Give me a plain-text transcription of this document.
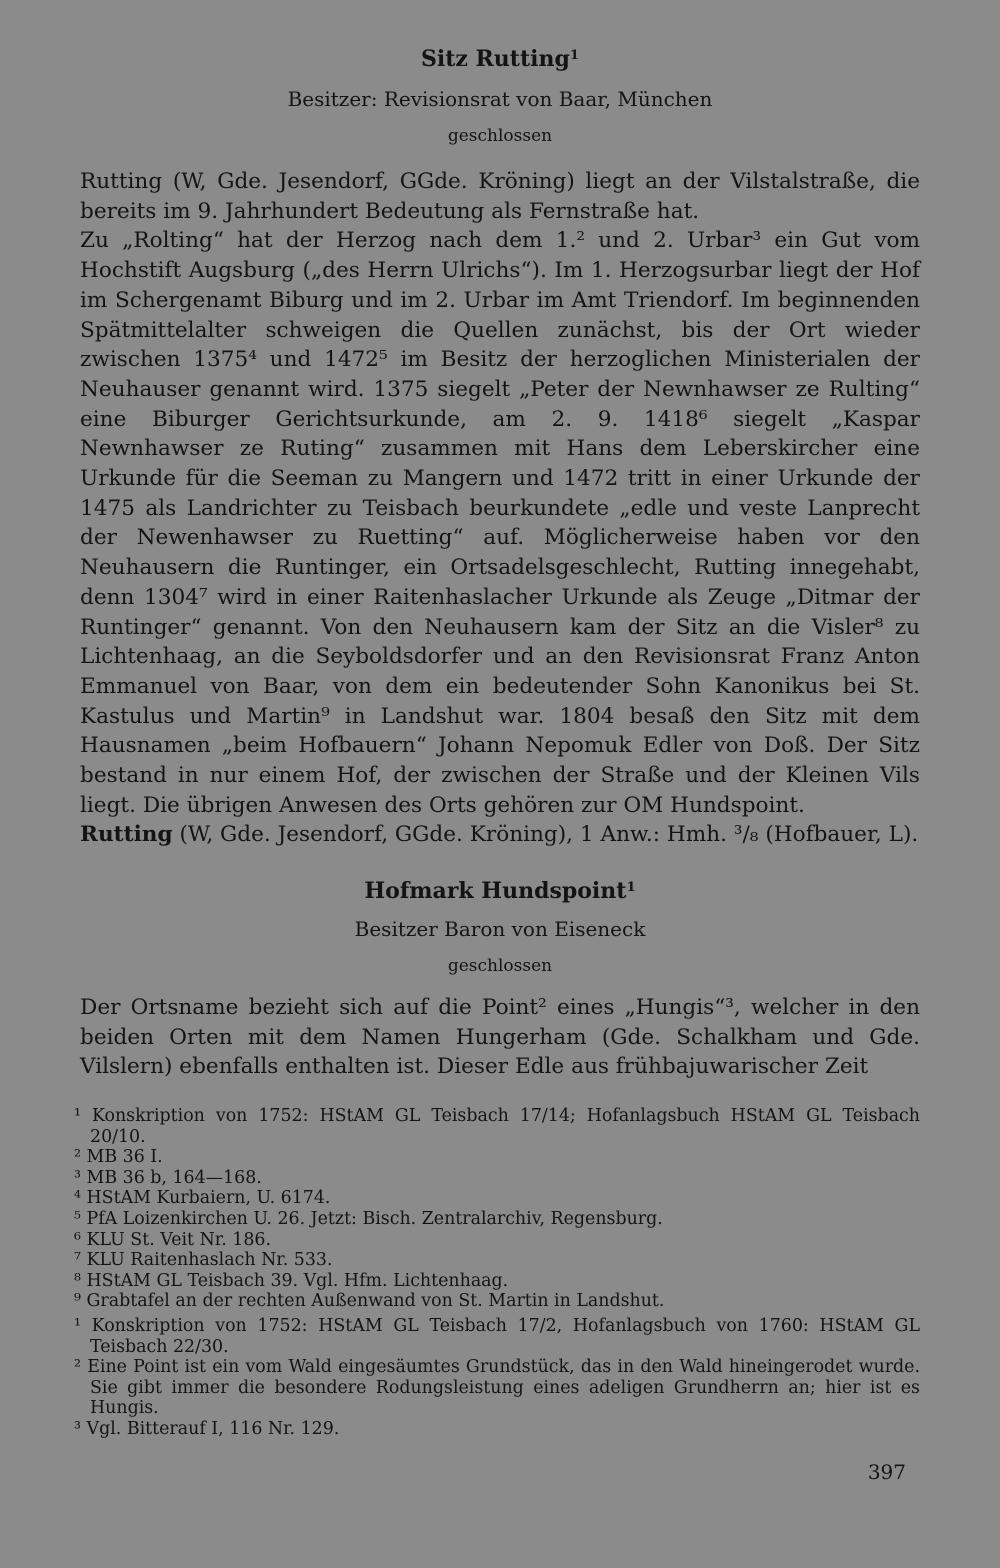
Sitz Rutting$^1$
Besitzer: Revisionsrat von Baar, München
geschlossen

Rutting (W, Gde. Jesendorf, GGde. Kröning) liegt an der Vilstalstraße, die bereits im 9. Jahrhundert Bedeutung als Fernstraße hat.

Zu „Rolting“ hat der Herzog nach dem 1.² und 2. Urbar³ ein Gut vom Hochstift Augsburg („des Herrn Ulrichs“). Im 1. Herzogsurbar liegt der Hof im Schergenamt Biburg und im 2. Urbar im Amt Triendorf. Im beginnenden Spätmittelalter schweigen die Quellen zunächst, bis der Ort wieder zwischen 1375⁴ und 1472⁵ im Besitz der herzoglichen Ministerialen der Neuhauser genannt wird. 1375 siegelt „Peter der Newnhawser ze Rulting“ eine Biburger Gerichtsurkunde, am 2. 9. 1418⁶ siegelt „Kaspar Newnhawser ze Ruting“ zusammen mit Hans dem Leberskircher eine Urkunde für die Seeman zu Mangern und 1472 tritt in einer Urkunde der 1475 als Landrichter zu Teisbach beurkundete „edle und veste Lanprecht der Newenhawser zu Ruetting“ auf. Möglicherweise haben vor den Neuhausern die Runtinger, ein Ortsadelsgeschlecht, Rutting innegehabt, denn 1304⁷ wird in einer Raitenhaslacher Urkunde als Zeuge „Ditmar der Runtinger“ genannt. Von den Neuhausern kam der Sitz an die Visler⁸ zu Lichtenhaag, an die Seyboldsdorfer und an den Revisionsrat Franz Anton Emmanuel von Baar, von dem ein bedeutender Sohn Kanonikus bei St. Kastulus und Martin⁹ in Landshut war. 1804 besaß den Sitz mit dem Hausnamen „beim Hofbauern“ Johann Nepomuk Edler von Doß. Der Sitz bestand in nur einem Hof, der zwischen der Straße und der Kleinen Vils liegt. Die übrigen Anwesen des Orts gehören zur OM Hundspoint.

Rutting (W, Gde. Jesendorf, GGde. Kröning), 1 Anw.: Hmh. ³/₈ (Hofbauer, L).

Hofmark Hundspoint$^1$
Besitzer Baron von Eiseneck
geschlossen

Der Ortsname bezieht sich auf die Point² eines „Hungis“³, welcher in den beiden Orten mit dem Namen Hungerham (Gde. Schalkham und Gde. Vilslern) ebenfalls enthalten ist. Dieser Edle aus frühbajuwarischer Zeit

¹ Konskription von 1752: HStAM GL Teisbach 17/14; Hofanlagsbuch HStAM GL Teisbach 20/10.

² MB 36 I.

³ MB 36 b, 164—168.

⁴ HStAM Kurbaiern, U. 6174.

⁵ PfA Loizenkirchen U. 26. Jetzt: Bisch. Zentralarchiv, Regensburg.

⁶ KLU St. Veit Nr. 186.

⁷ KLU Raitenhaslach Nr. 533.

⁸ HStAM GL Teisbach 39. Vgl. Hfm. Lichtenhaag.

⁹ Grabtafel an der rechten Außenwand von St. Martin in Landshut.

¹ Konskription von 1752: HStAM GL Teisbach 17/2, Hofanlagsbuch von 1760: HStAM GL Teisbach 22/30.

² Eine Point ist ein vom Wald eingesäumtes Grundstück, das in den Wald hineingerodet wurde. Sie gibt immer die besondere Rodungsleistung eines adeligen Grundherrn an; hier ist es Hungis.

³ Vgl. Bitterauf I, 116 Nr. 129.

397
